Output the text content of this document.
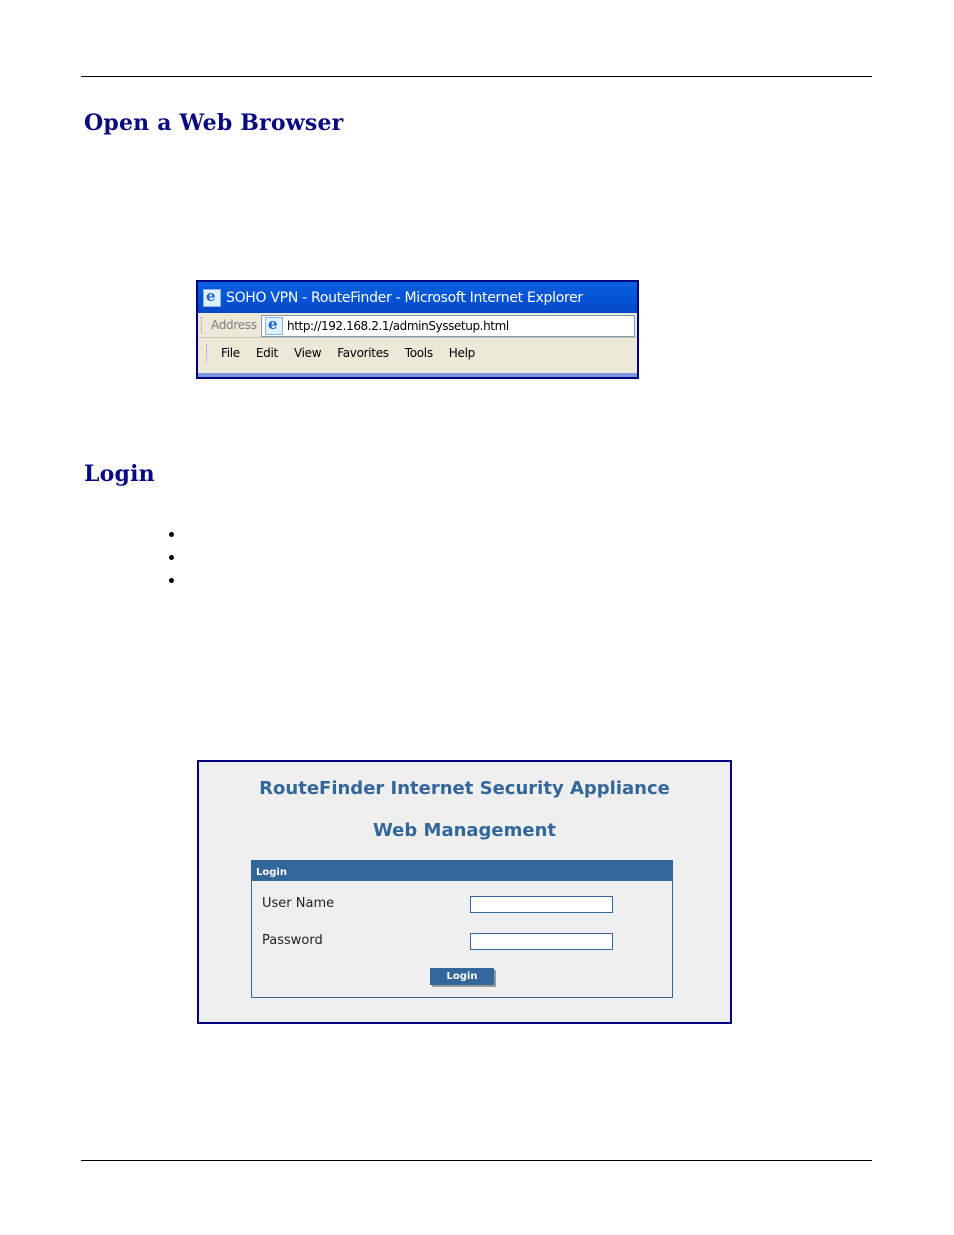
Open a Web Browser
e
SOHO VPN - RouteFinder - Microsoft Internet Explorer
Address
e	http://192.168.2.1/adminSyssetup.html
File Edit View Favorites Tools Help
Login
RouteFinder Internet Security Appliance
Web Management
Login
User Name
Password
Login
